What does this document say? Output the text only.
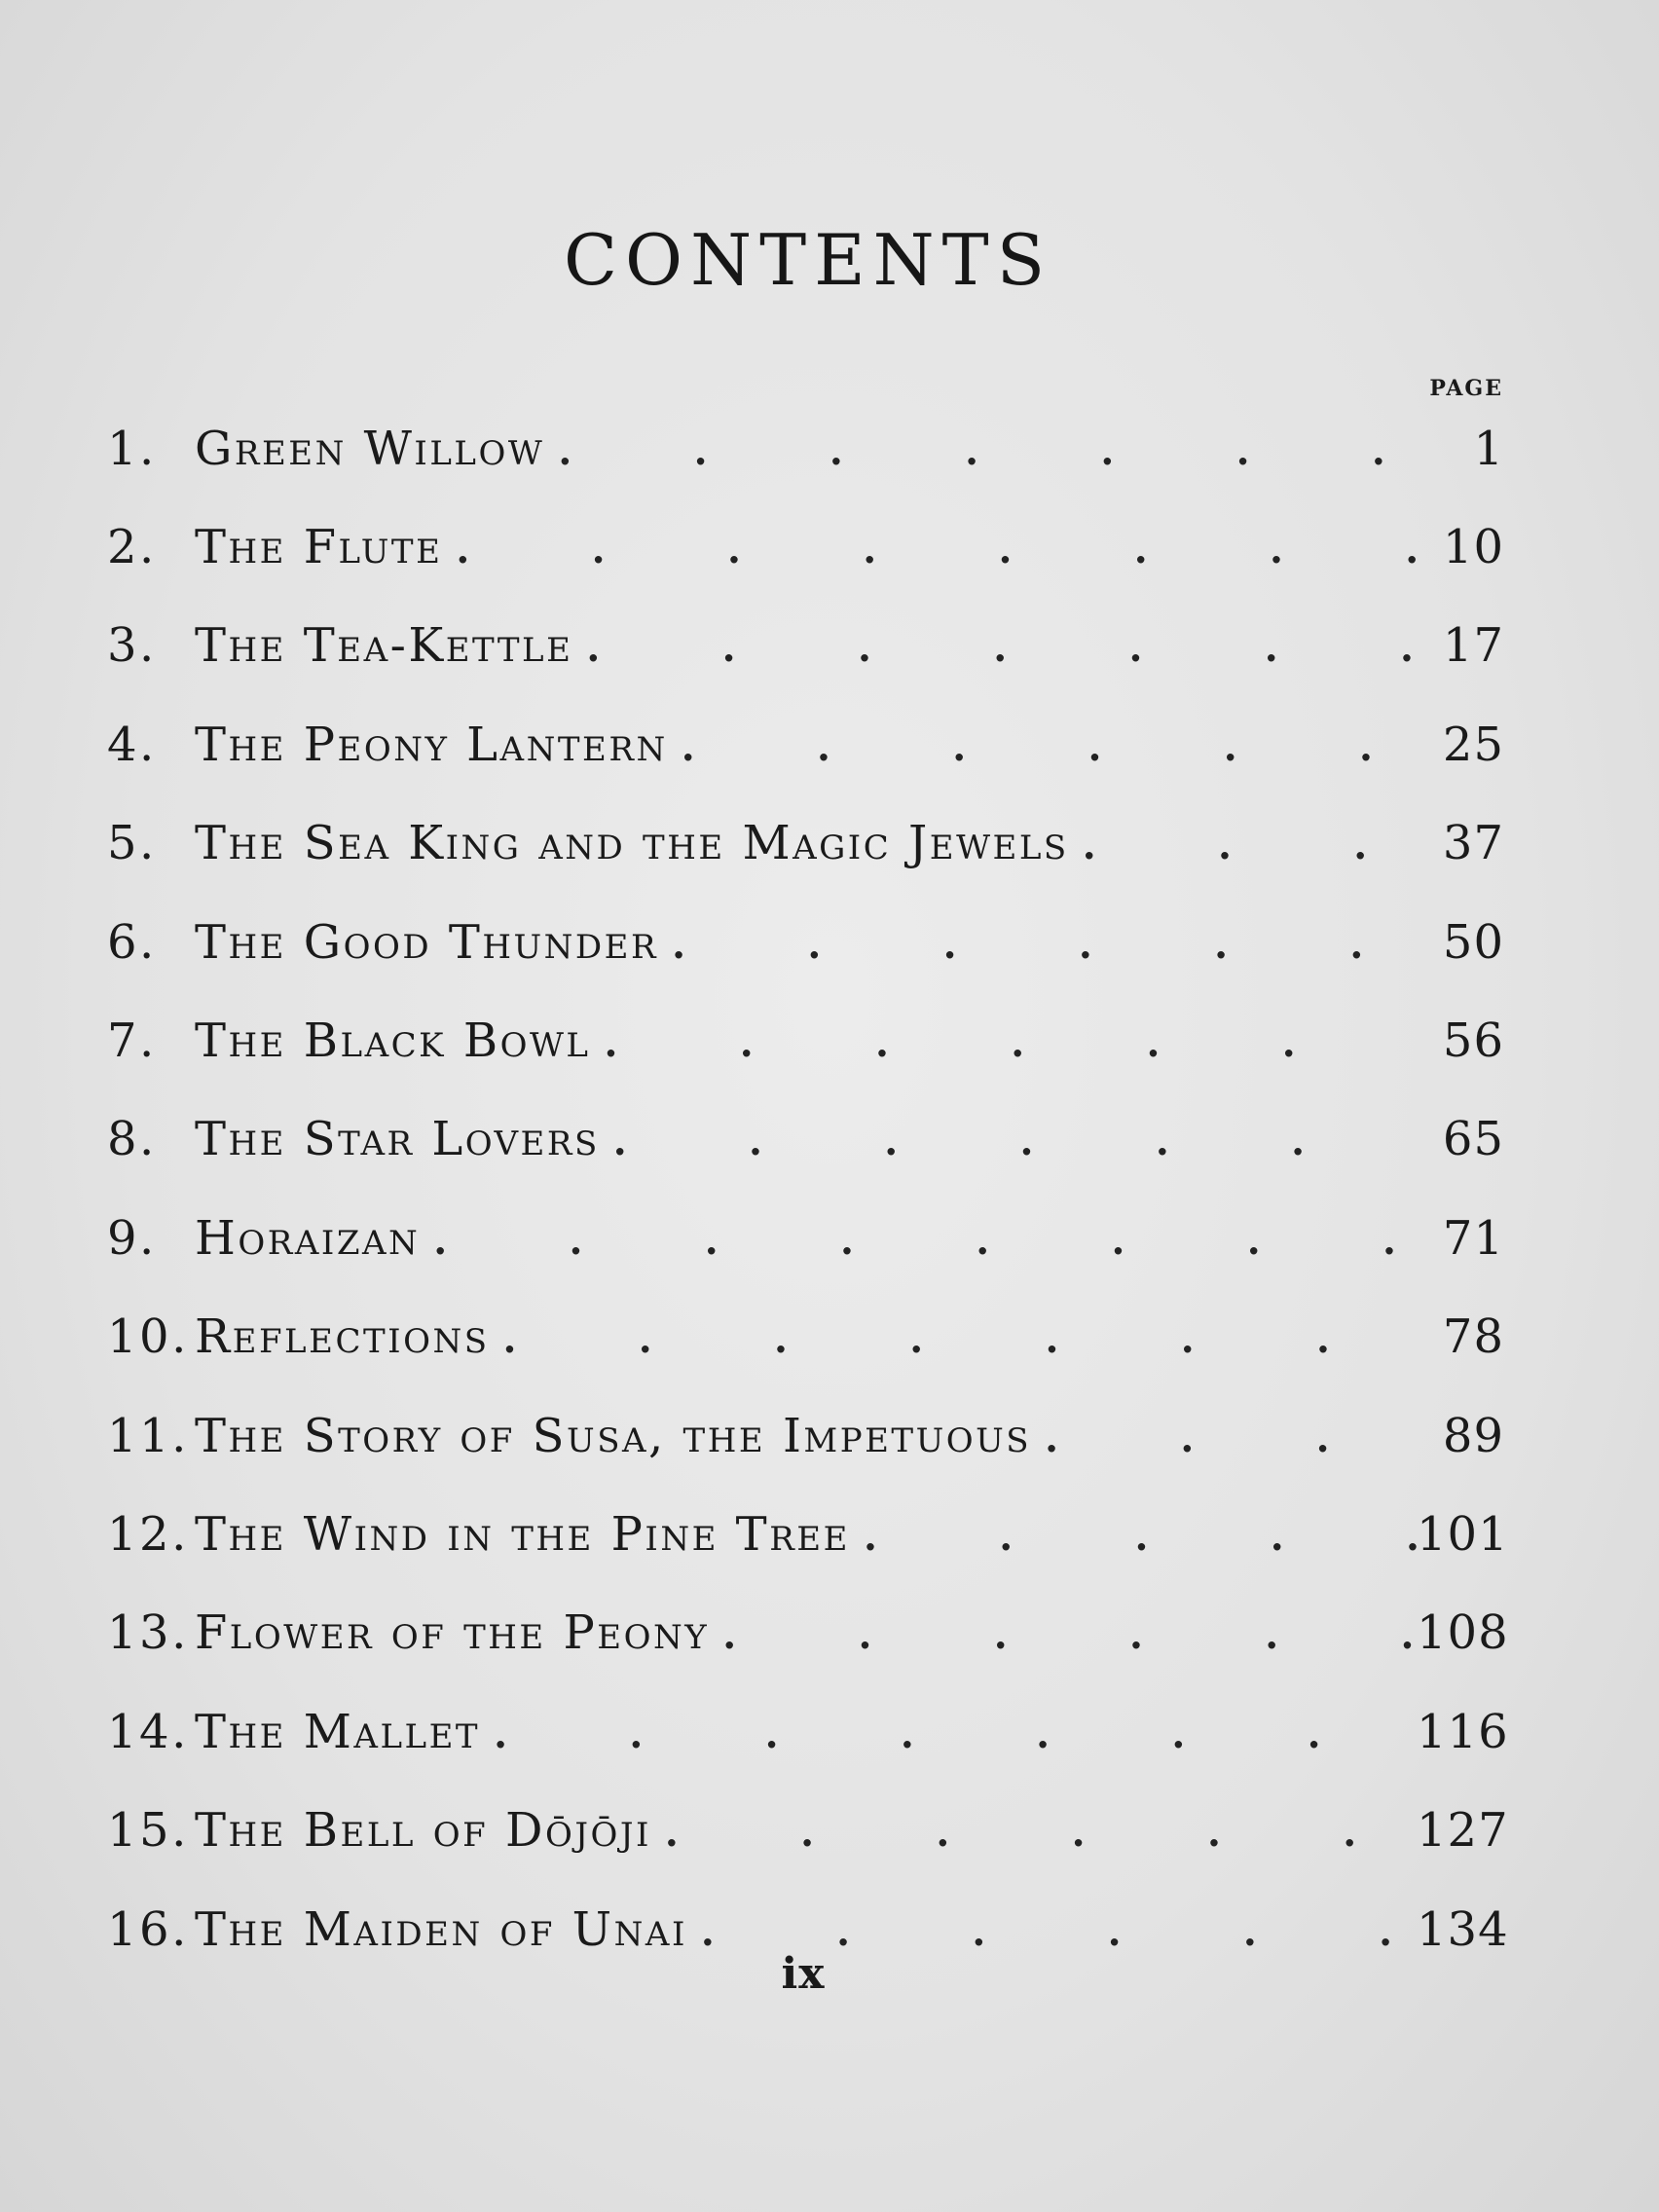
CONTENTS
PAGE
1. Green Willow .	1
2. The Flute .	10
3. The Tea-Kettle .	17
4. The Peony Lantern .	25
5. The Sea King and the Magic Jewels .	37
6. The Good Thunder .	50
7. The Black Bowl .	56
8. The Star Lovers .	65
9. Horaizan .	71
10. Reflections .	78
11. The Story of Susa, the Impetuous .	89
12. The Wind in the Pine Tree .	101
13. Flower of the Peony .	108
14. The Mallet .	116
15. The Bell of Dōjōji .	127
16. The Maiden of Unai .	134
ix
